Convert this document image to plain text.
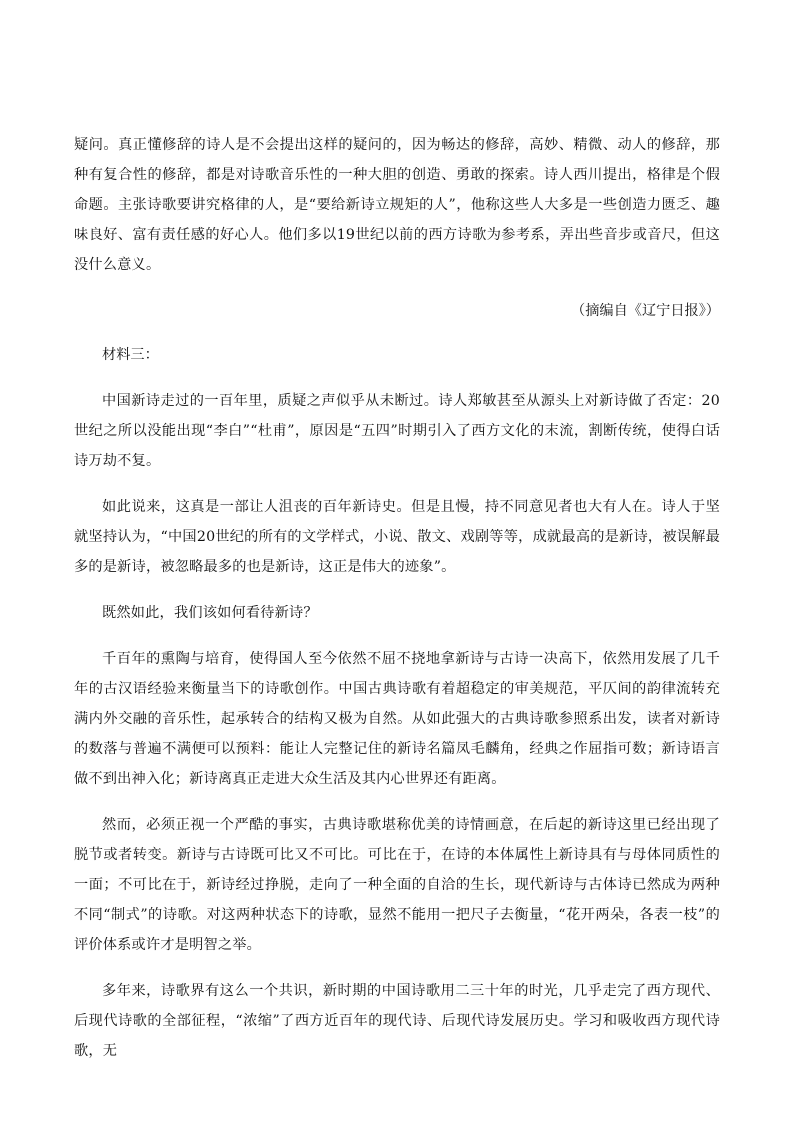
疑问。真正懂修辞的诗人是不会提出这样的疑问的，因为畅达的修辞，高妙、精微、动人的修辞，那种有复合性的修辞，都是对诗歌音乐性的一种大胆的创造、勇敢的探索。诗人西川提出，格律是个假命题。主张诗歌要讲究格律的人，是“要给新诗立规矩的人”，他称这些人大多是一些创造力匮乏、趣味良好、富有责任感的好心人。他们多以19世纪以前的西方诗歌为参考系，弄出些音步或音尺，但这没什么意义。

（摘编自《辽宁日报》）

材料三：

中国新诗走过的一百年里，质疑之声似乎从未断过。诗人郑敏甚至从源头上对新诗做了否定：20世纪之所以没能出现“李白”“杜甫”，原因是“五四”时期引入了西方文化的末流，割断传统，使得白话诗万劫不复。

如此说来，这真是一部让人沮丧的百年新诗史。但是且慢，持不同意见者也大有人在。诗人于坚就坚持认为，“中国20世纪的所有的文学样式，小说、散文、戏剧等等，成就最高的是新诗，被误解最多的是新诗，被忽略最多的也是新诗，这正是伟大的迹象”。

既然如此，我们该如何看待新诗？

千百年的熏陶与培育，使得国人至今依然不屈不挠地拿新诗与古诗一决高下，依然用发展了几千年的古汉语经验来衡量当下的诗歌创作。中国古典诗歌有着超稳定的审美规范，平仄间的韵律流转充满内外交融的音乐性，起承转合的结构又极为自然。从如此强大的古典诗歌参照系出发，读者对新诗的数落与普遍不满便可以预料：能让人完整记住的新诗名篇凤毛麟角，经典之作屈指可数；新诗语言做不到出神入化；新诗离真正走进大众生活及其内心世界还有距离。

然而，必须正视一个严酷的事实，古典诗歌堪称优美的诗情画意，在后起的新诗这里已经出现了脱节或者转变。新诗与古诗既可比又不可比。可比在于，在诗的本体属性上新诗具有与母体同质性的一面；不可比在于，新诗经过挣脱，走向了一种全面的自洽的生长，现代新诗与古体诗已然成为两种不同“制式”的诗歌。对这两种状态下的诗歌，显然不能用一把尺子去衡量，“花开两朵，各表一枝”的评价体系或许才是明智之举。

多年来，诗歌界有这么一个共识，新时期的中国诗歌用二三十年的时光，几乎走完了西方现代、后现代诗歌的全部征程，“浓缩”了西方近百年的现代诗、后现代诗发展历史。学习和吸收西方现代诗歌，无
